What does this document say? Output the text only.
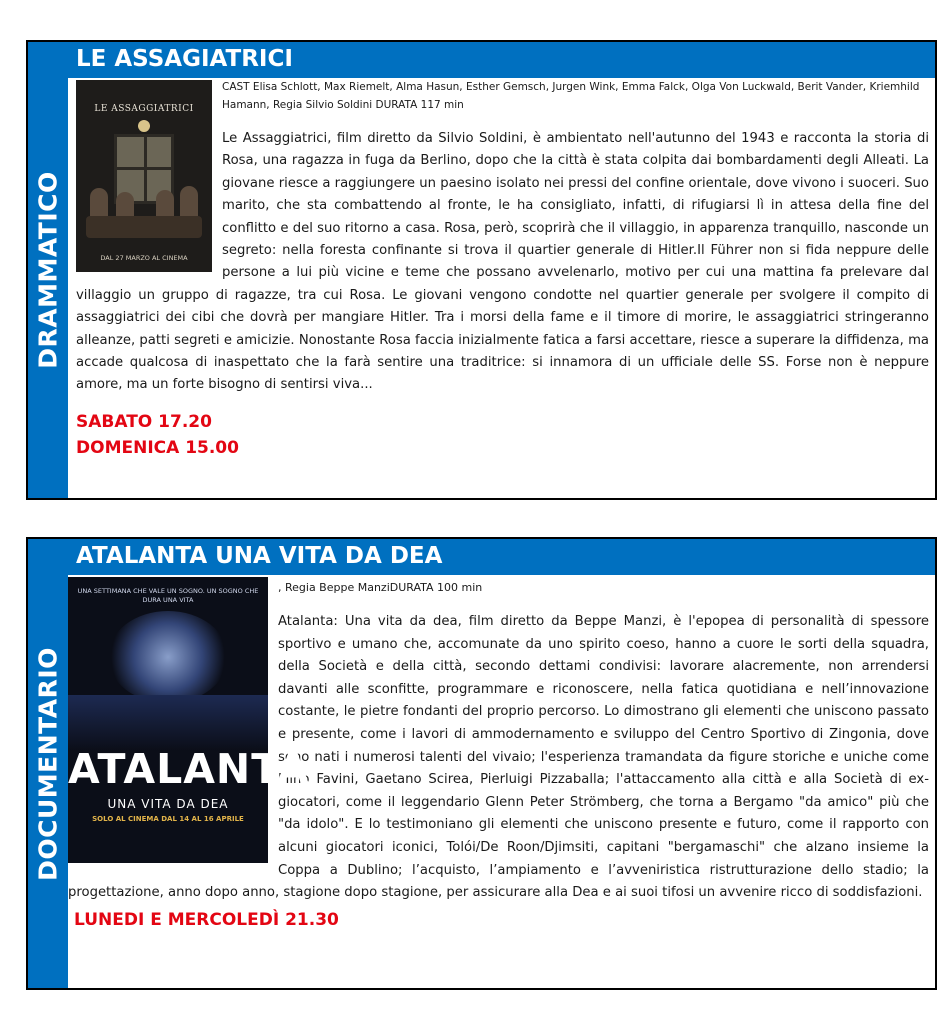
DRAMMATICO
LE ASSAGIATRICI
LE ASSAGGIATRICI
DAL 27 MARZO AL CINEMA
CAST Elisa Schlott, Max Riemelt, Alma Hasun, Esther Gemsch, Jurgen Wink, Emma Falck, Olga Von Luckwald, Berit Vander, Kriemhild Hamann, Regia Silvio Soldini DURATA 117 min
Le Assaggiatrici, film diretto da Silvio Soldini, è ambientato nell'autunno del 1943 e racconta la storia di Rosa, una ragazza in fuga da Berlino, dopo che la città è stata colpita dai bombardamenti degli Alleati. La giovane riesce a raggiungere un paesino isolato nei pressi del confine orientale, dove vivono i suoceri. Suo marito, che sta combattendo al fronte, le ha consigliato, infatti, di rifugiarsi lì in attesa della fine del conflitto e del suo ritorno a casa. Rosa, però, scoprirà che il villaggio, in apparenza tranquillo, nasconde un segreto: nella foresta confinante si trova il quartier generale di Hitler.Il Führer non si fida neppure delle persone a lui più vicine e teme che possano avvelenarlo, motivo per cui una mattina fa prelevare dal villaggio un gruppo di ragazze, tra cui Rosa. Le giovani vengono condotte nel quartier generale per svolgere il compito di assaggiatrici dei cibi che dovrà per mangiare Hitler. Tra i morsi della fame e il timore di morire, le assaggiatrici stringeranno alleanze, patti segreti e amicizie. Nonostante Rosa faccia inizialmente fatica a farsi accettare, riesce a superare la diffidenza, ma accade qualcosa di inaspettato che la farà sentire una traditrice: si innamora di un ufficiale delle SS. Forse non è neppure amore, ma un forte bisogno di sentirsi viva...
SABATO 17.20
DOMENICA 15.00
DOCUMENTARIO
ATALANTA UNA VITA DA DEA
UNA SETTIMANA CHE VALE UN SOGNO. UN SOGNO CHE DURA UNA VITA
ATALANTA
UNA VITA DA DEA
SOLO AL CINEMA DAL 14 AL 16 APRILE
, Regia Beppe ManziDURATA 100 min
Atalanta: Una vita da dea, film diretto da Beppe Manzi, è l'epopea di personalità di spessore sportivo e umano che, accomunate da uno spirito coeso, hanno a cuore le sorti della squadra, della Società e della città, secondo dettami condivisi: lavorare alacremente, non arrendersi davanti alle sconfitte, programmare e riconoscere, nella fatica quotidiana e nell’innovazione costante, le pietre fondanti del proprio percorso. Lo dimostrano gli elementi che uniscono passato e presente, come i lavori di ammodernamento e sviluppo del Centro Sportivo di Zingonia, dove sono nati i numerosi talenti del vivaio; l'esperienza tramandata da figure storiche e uniche come Mino Favini, Gaetano Scirea, Pierluigi Pizzaballa; l'attaccamento alla città e alla Società di ex-giocatori, come il leggendario Glenn Peter Strömberg, che torna a Bergamo "da amico" più che "da idolo". E lo testimoniano gli elementi che uniscono presente e futuro, come il rapporto con alcuni giocatori iconici, Tolói/De Roon/Djimsiti, capitani "bergamaschi" che alzano insieme la Coppa a Dublino; l’acquisto, l’ampiamento e l’avveniristica ristrutturazione dello stadio; la progettazione, anno dopo anno, stagione dopo stagione, per assicurare alla Dea e ai suoi tifosi un avvenire ricco di soddisfazioni.
LUNEDI E MERCOLEDÌ 21.30
